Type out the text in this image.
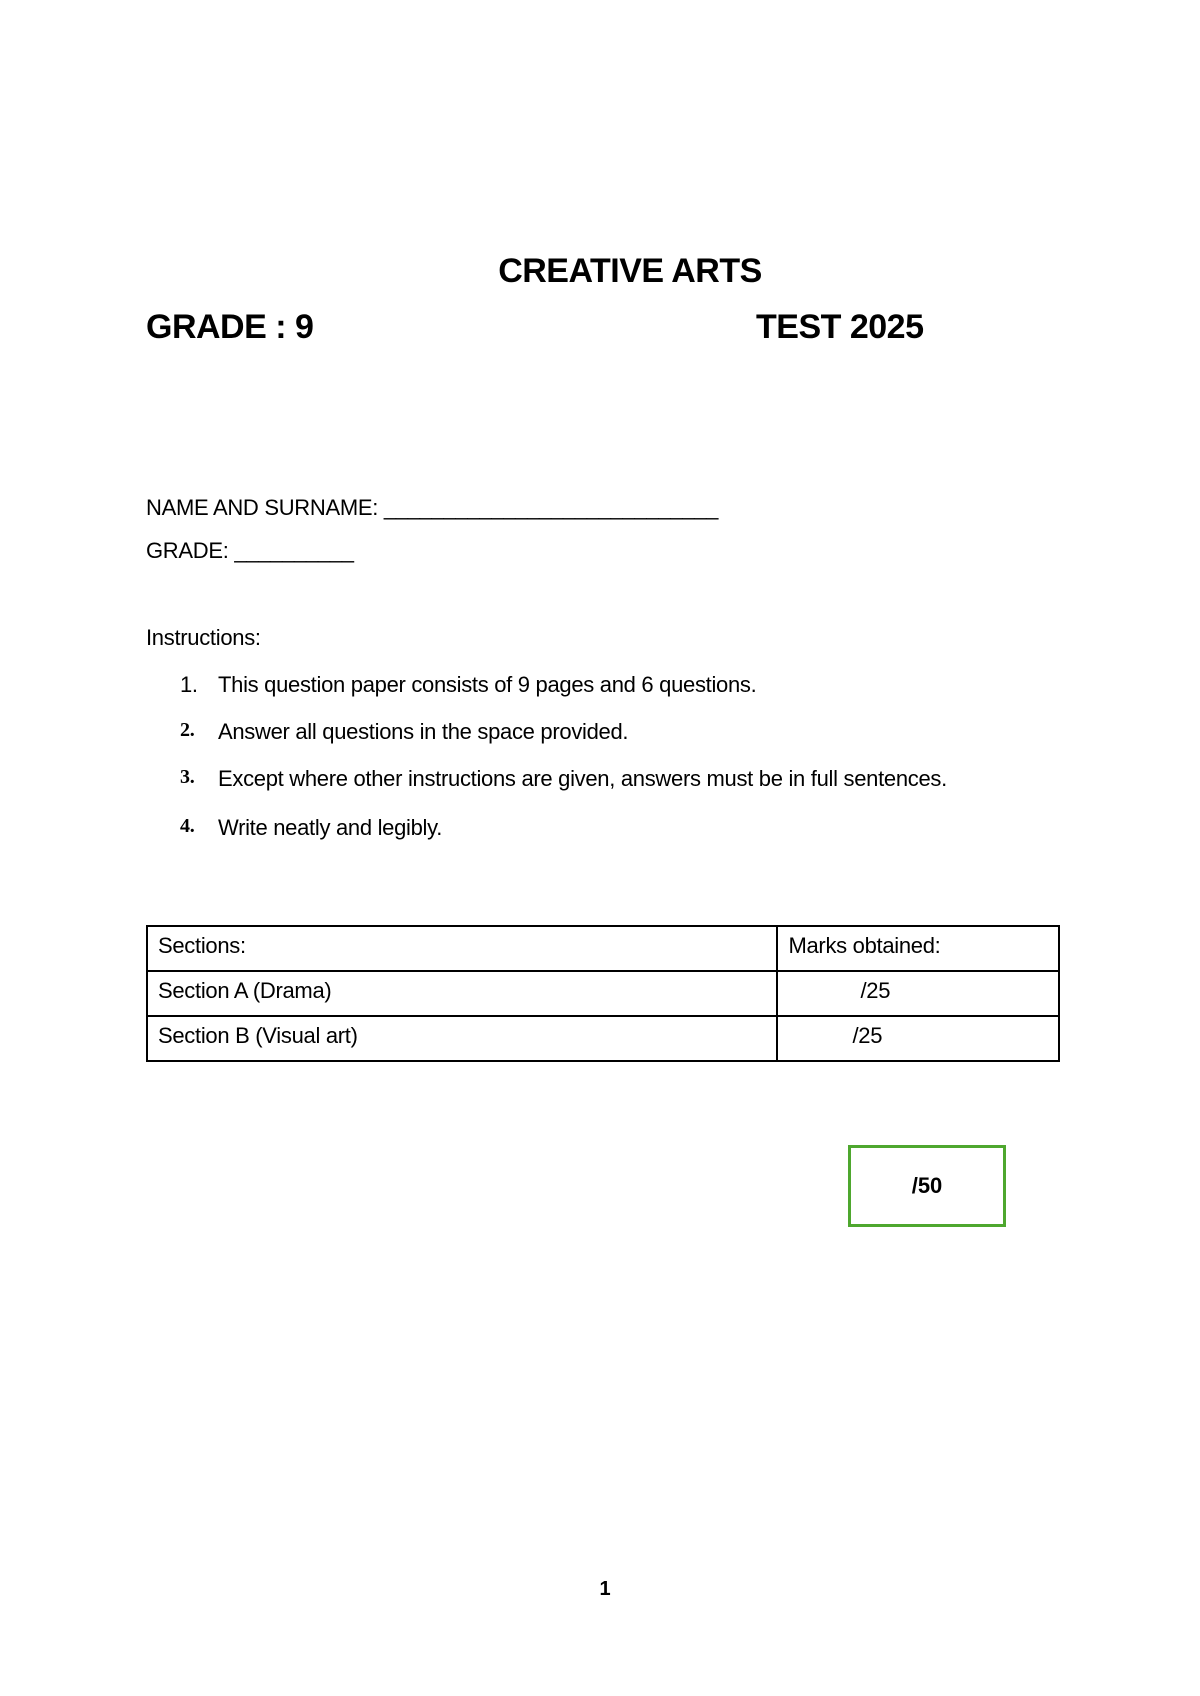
CREATIVE ARTS
GRADE : 9	TEST 2025
NAME AND SURNAME: ____________________________
GRADE: __________
Instructions:
1. This question paper consists of 9 pages and 6 questions.
2.	Answer all questions in the space provided.
3.	Except where other instructions are given, answers must be in full sentences.
4.	Write neatly and legibly.
Sections:	Marks obtained:
Section A (Drama)	/25
Section B (Visual art)	/25
/50
1
